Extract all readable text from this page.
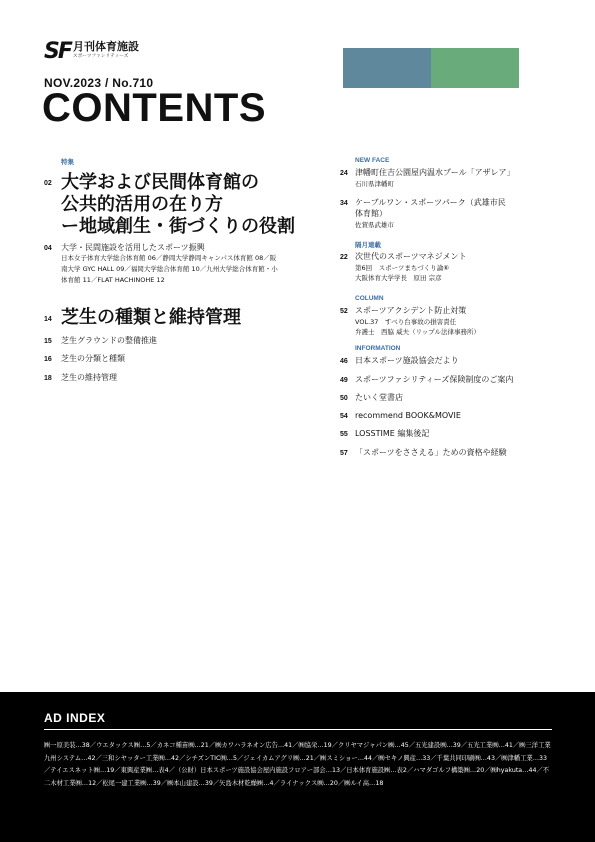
SF 月刊体育施設
スポーツファシリティーズ
NOV.2023 / No.710
CONTENTS
特集
02 大学および民間体育館の
公共的活用の在り方
ー地域創生・街づくりの役割
04 大学・民間施設を活用したスポーツ振興
日本女子体育大学総合体育館 06／静岡大学静岡キャンパス体育館 08／阪
南大学 GYC HALL 09／福岡大学総合体育館 10／九州大学総合体育館・小
体育館 11／FLAT HACHINOHE 12
14 芝生の種類と維持管理
15 芝生グラウンドの整備推進
16 芝生の分類と種類
18 芝生の維持管理
NEW FACE
24 津幡町住吉公園屋内温水プール「アザレア」
石川県津幡町
34 ケーブルワン・スポーツパーク（武雄市民
体育館）
佐賀県武雄市
隔月連載
22 次世代のスポーツマネジメント
第6回　スポーツまちづくり論⑥
大阪体育大学学長　原田 宗彦
COLUMN
52 スポーツアクシデント防止対策
VOL.37　すべり台事故の損害責任
弁護士　西脇 威夫（リップル法律事務所）
INFORMATION
46 日本スポーツ施設協会だより
49 スポーツファシリティーズ保険制度のご案内
50 たいく堂書店
54 recommend BOOK&MOVIE
55 LOSSTIME 編集後記
57 「スポーツをささえる」ための資格や経験
AD INDEX
㈱一原美装…38／ウエタックス㈱…5／カネコ種苗㈱…21／㈱カワハラネオン広告…41／㈱協栄…19／クリヤマジャパン㈱…45／五光建設㈱…39／五光工業㈱…41／㈱三洋工業九州システム…42／三和シヤッター工業㈱…42／シチズンTIC㈱…5／ジェイカムアグリ㈱…21／㈱スミショー…44／㈱セキノ興産…33／千葉共同印刷㈱…43／㈱津幡工業…33／テイエスネット㈱…19／東興産業㈱…表4／（公財）日本スポーツ施設協会屋内施設フロアー部会…13／日本体育施設㈱…表2／ハマダゴルフ構築㈱…20／㈱hyakuta…44／不二木材工業㈱…12／松尾一建工業㈱…39／㈱本山建設…39／矢島木材乾燥㈱…4／ライナックス㈱…20／㈱ルイ高…18
